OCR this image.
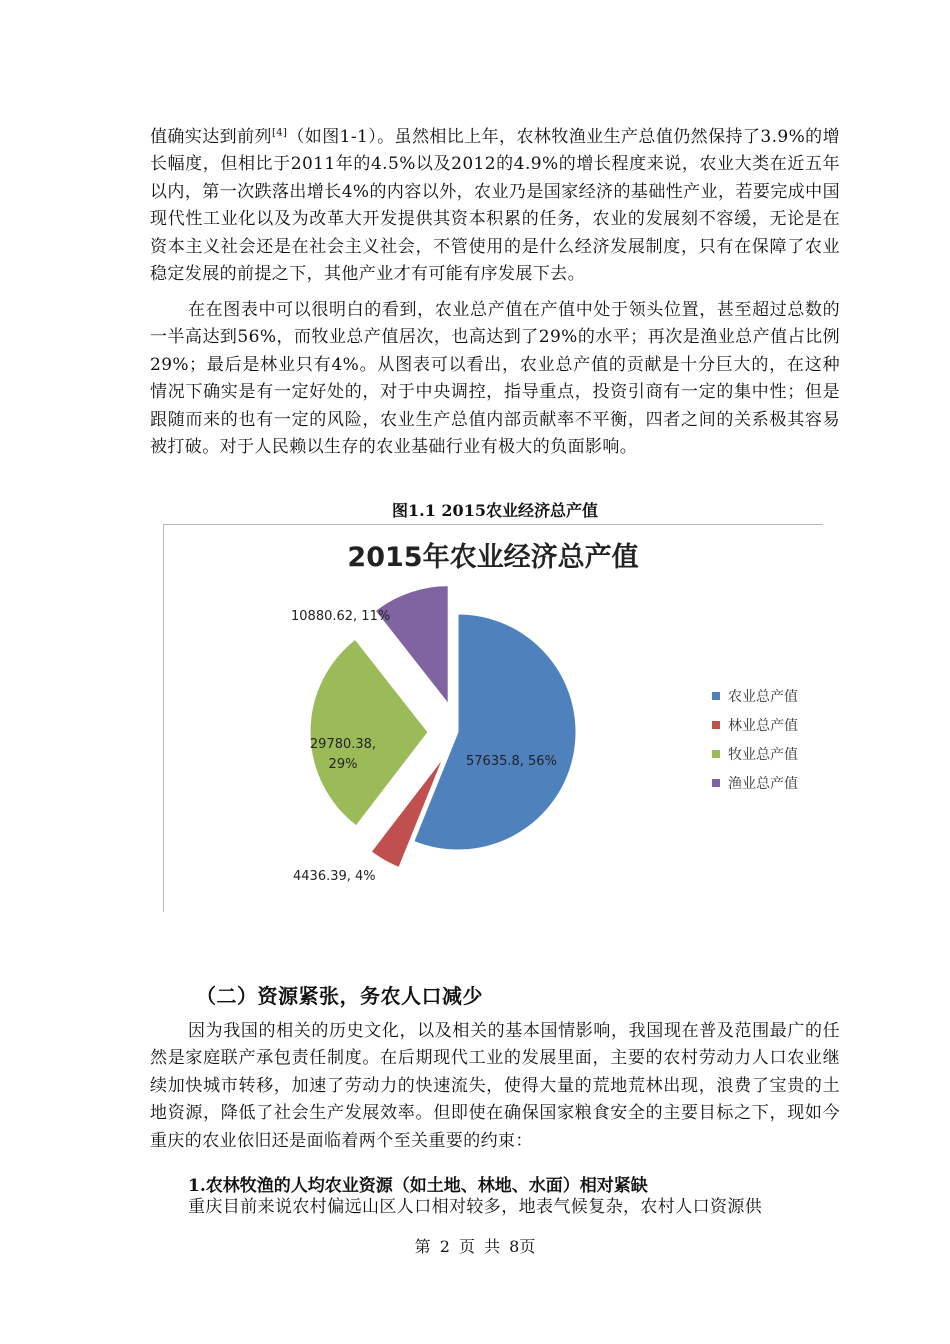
值确实达到前列[4]（如图1-1）。虽然相比上年，农林牧渔业生产总值仍然保持了3.9%的增长幅度，但相比于2011年的4.5%以及2012的4.9%的增长程度来说，农业大类在近五年以内，第一次跌落出增长4%的内容以外，农业乃是国家经济的基础性产业，若要完成中国现代性工业化以及为改革大开发提供其资本积累的任务，农业的发展刻不容缓，无论是在资本主义社会还是在社会主义社会，不管使用的是什么经济发展制度，只有在保障了农业稳定发展的前提之下，其他产业才有可能有序发展下去。

在在图表中可以很明白的看到，农业总产值在产值中处于领头位置，甚至超过总数的一半高达到56%，而牧业总产值居次，也高达到了29%的水平；再次是渔业总产值占比例29%；最后是林业只有4%。从图表可以看出，农业总产值的贡献是十分巨大的，在这种情况下确实是有一定好处的，对于中央调控，指导重点，投资引商有一定的集中性；但是跟随而来的也有一定的风险，农业生产总值内部贡献率不平衡，四者之间的关系极其容易被打破。对于人民赖以生存的农业基础行业有极大的负面影响。

图1.1 2015农业经济总产值
2015年农业经济总产值
57635.8, 56%
4436.39, 4%
29780.38,
29%
10880.62, 11%
农业总产值
林业总产值
牧业总产值
渔业总产值
（二）资源紧张，务农人口减少

因为我国的相关的历史文化，以及相关的基本国情影响，我国现在普及范围最广的任然是家庭联产承包责任制度。在后期现代工业的发展里面，主要的农村劳动力人口农业继续加快城市转移，加速了劳动力的快速流失，使得大量的荒地荒林出现，浪费了宝贵的土地资源，降低了社会生产发展效率。但即使在确保国家粮食安全的主要目标之下，现如今重庆的农业依旧还是面临着两个至关重要的约束：

1.农林牧渔的人均农业资源（如土地、林地、水面）相对紧缺

重庆目前来说农村偏远山区人口相对较多，地表气候复杂，农村人口资源供

第 2 页 共 8页
